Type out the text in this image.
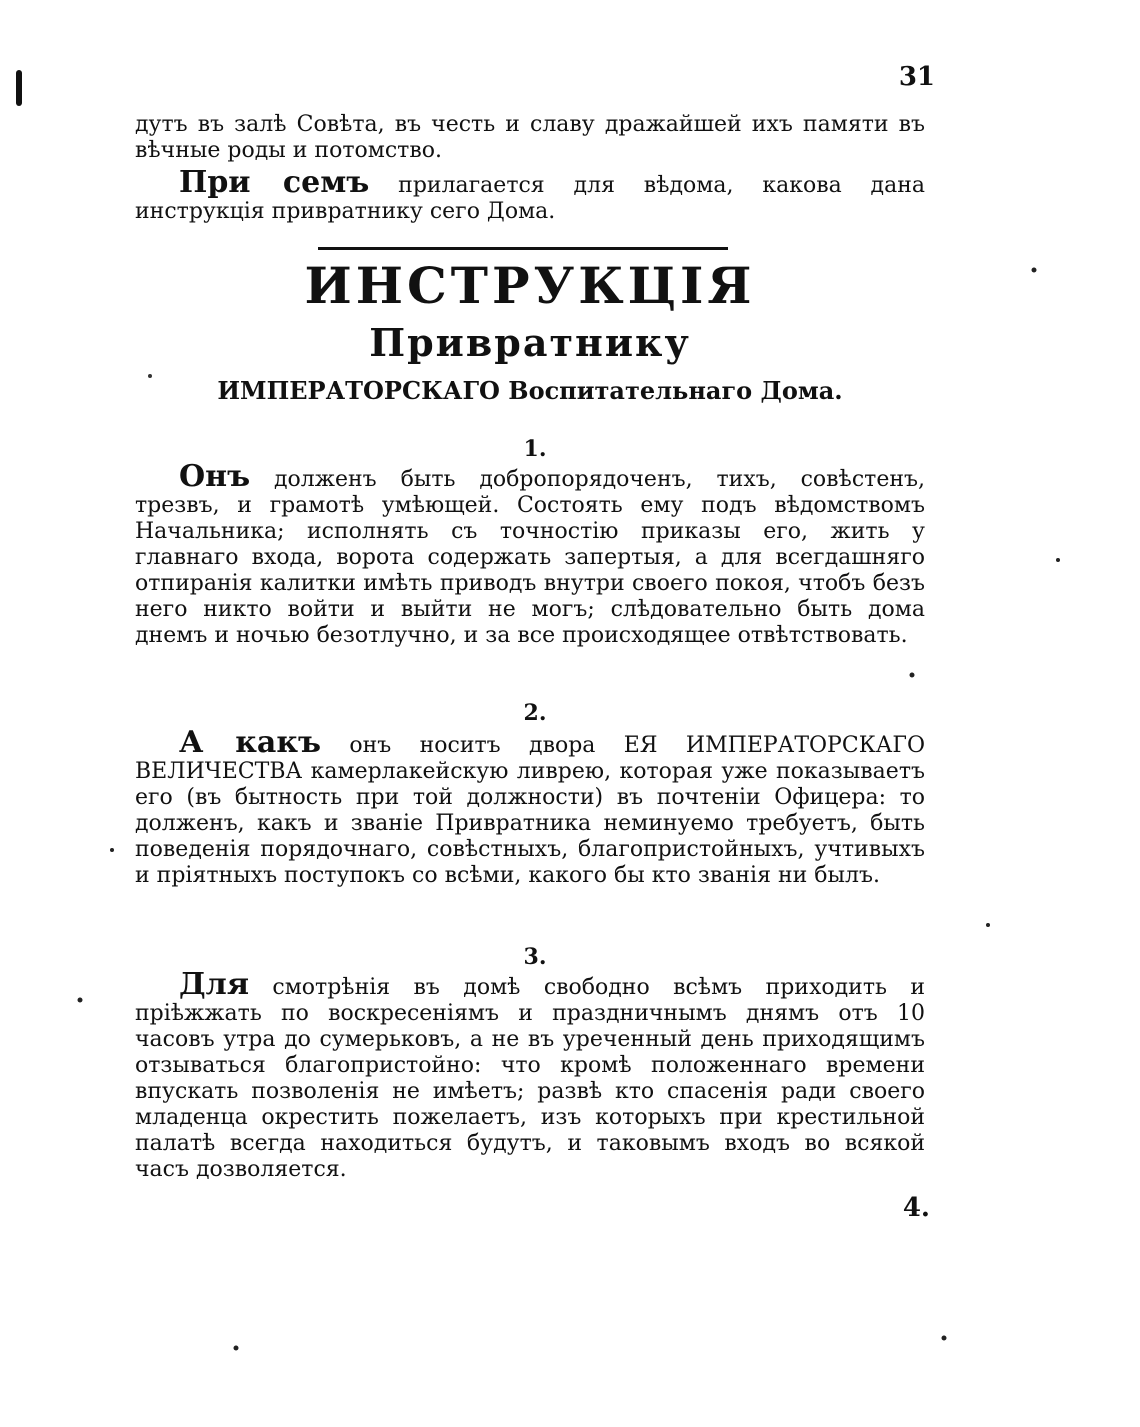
31

дутъ въ залѣ Совѣта, въ честь и славу дражайшей ихъ памяти въ вѣчные роды и потомство.

При семъ прилагается для вѣдома, какова дана инструкція привратнику сего Дома.

ИНСТРУКЦІЯ
Привратнику
ИМПЕРАТОРСКАГО Воспитательнаго Дома.
1.

Онъ долженъ быть добропорядоченъ, тихъ, совѣстенъ, трезвъ, и грамотѣ умѣющей. Состоять ему подъ вѣдомствомъ Начальника; исполнять съ точностію приказы его, жить у главнаго входа, ворота содержать запертыя, а для всегдашняго отпиранія калитки имѣть приводъ внутри своего покоя, чтобъ безъ него никто войти и выйти не могъ; слѣдовательно быть дома днемъ и ночью безотлучно, и за все происходящее отвѣтствовать.

2.

А какъ онъ носитъ двора ЕЯ ИМПЕРАТОРСКАГО ВЕЛИЧЕСТВА камерлакейскую ливрею, которая уже показываетъ его (въ бытность при той должности) въ почтеніи Офицера: то долженъ, какъ и званіе Привратника неминуемо требуетъ, быть поведенія порядочнаго, совѣстныхъ, благопристойныхъ, учтивыхъ и пріятныхъ поступокъ со всѣми, какого бы кто званія ни былъ.

3.

Для смотрѣнія въ домѣ свободно всѣмъ приходить и пріѣжжать по воскресеніямъ и праздничнымъ днямъ отъ 10 часовъ утра до сумерьковъ, а не въ уреченный день приходящимъ отзываться благопристойно: что кромѣ положеннаго времени впускать позволенія не имѣетъ; развѣ кто спасенія ради своего младенца окрестить пожелаетъ, изъ которыхъ при крестильной палатѣ всегда находиться будутъ, и таковымъ входъ во всякой часъ дозволяется.

4.
